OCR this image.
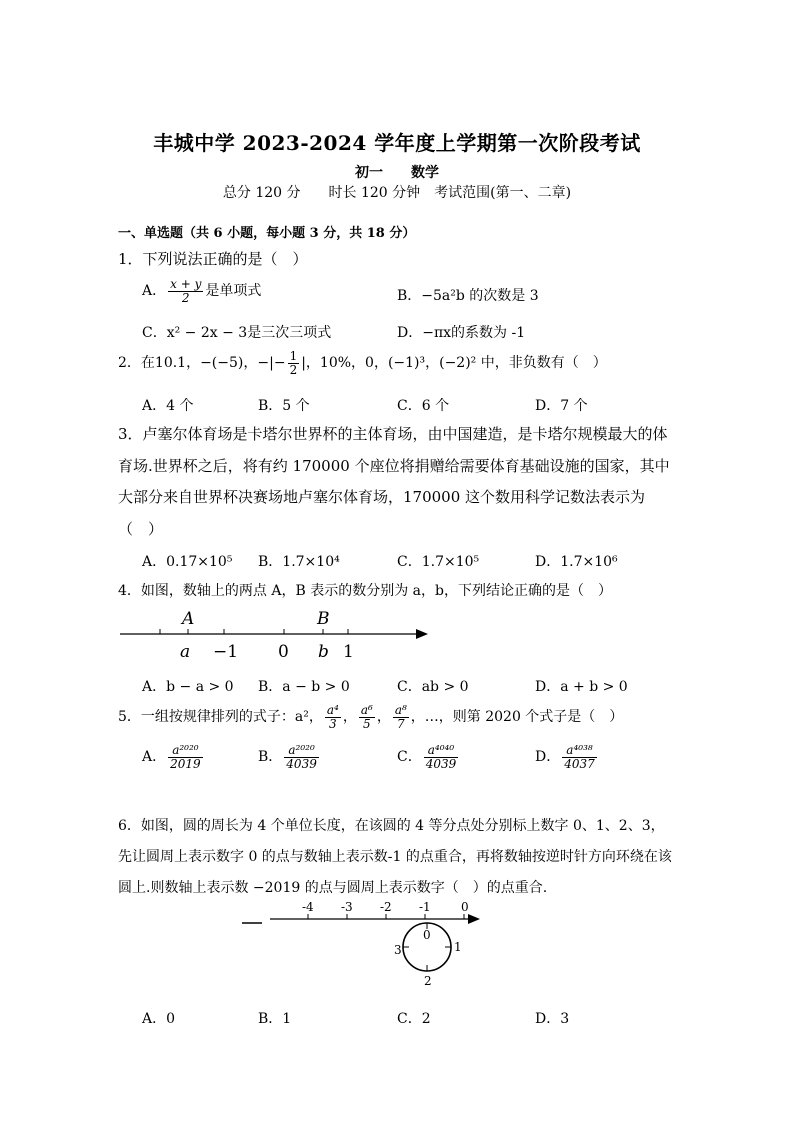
丰城中学 2023-2024 学年度上学期第一次阶段考试
初一　　数学
总分 120 分　　时长 120 分钟　考试范围(第一、二章)
一、单选题（共 6 小题，每小题 3 分，共 18 分）
1．下列说法正确的是（　）
A． $\frac{x + y}{2}$ 是单项式	B．−5a²b 的次数是 3
C．x² − 2x − 3是三次三项式	D．−πx的系数为 -1
2．在10.1，−(−5)，−|− $\frac{1}{2}$ |，10%，0，(−1)³，(−2)² 中，非负数有（　）
A．4 个	B．5 个	C．6 个	D．7 个
3．卢塞尔体育场是卡塔尔世界杯的主体育场，由中国建造，是卡塔尔规模最大的体育场.世界杯之后，将有约 170000 个座位将捐赠给需要体育基础设施的国家，其中大部分来自世界杯决赛场地卢塞尔体育场，170000 这个数用科学记数法表示为（　）
A．0.17×10⁵ B．1.7×10⁴	C．1.7×10⁵	D．1.7×10⁶
4．如图，数轴上的两点 A，B 表示的数分别为 a，b，下列结论正确的是（　）
A	B
a −1 0 b 1
A．b − a > 0 B．a − b > 0	C．ab > 0	D．a + b > 0
5．一组按规律排列的式子：a²， $\frac{\text{a⁴}}{3}$ ， $\frac{\text{a⁶}}{5}$ ， $\frac{\text{a⁸}}{7}$ ，…，则第 2020 个式子是（　）
A． $\frac{\text{a²⁰²⁰}}{2019}$	B． $\frac{\text{a²⁰²⁰}}{4039}$	C． $\frac{\text{a⁴⁰⁴⁰}}{4039}$	D． $\frac{\text{a⁴⁰³⁸}}{4037}$
6．如图，圆的周长为 4 个单位长度，在该圆的 4 等分点处分别标上数字 0、1、2、3，先让圆周上表示数字 0 的点与数轴上表示数-1 的点重合，再将数轴按逆时针方向环绕在该圆上.则数轴上表示数 −2019 的点与圆周上表示数字（　）的点重合.
-4 -3 -2 -1	0
0
1
2
3
A．0	B．1	C．2	D．3
